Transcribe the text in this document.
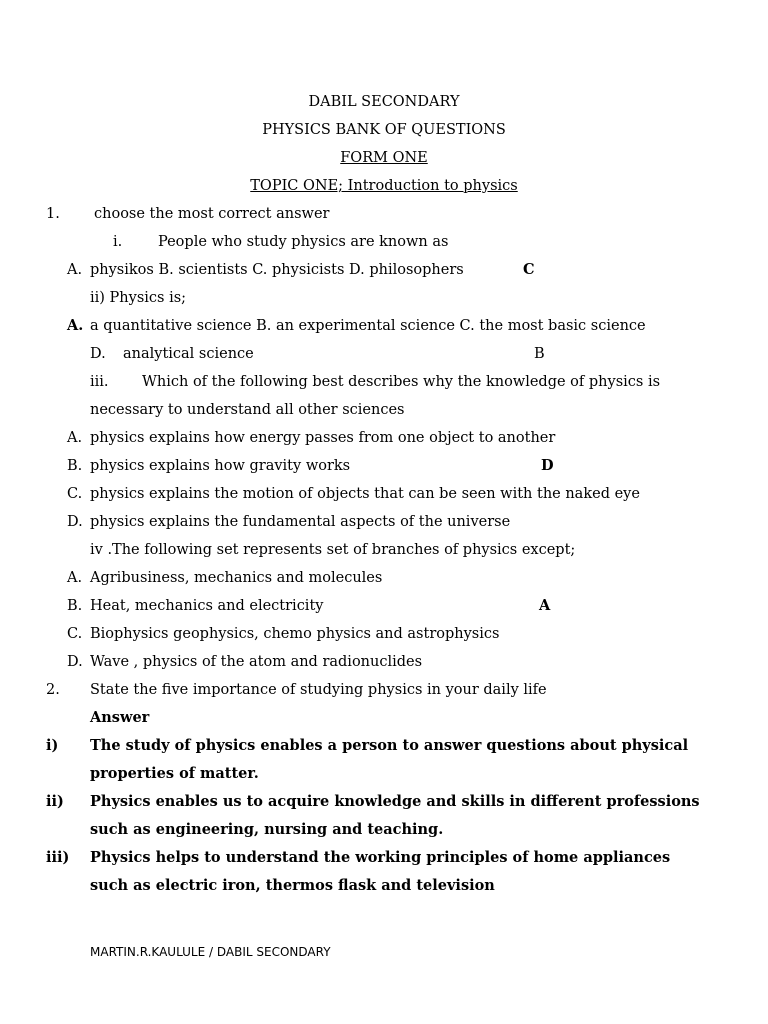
DABIL SECONDARY
PHYSICS BANK OF QUESTIONS
FORM ONE
TOPIC ONE; Introduction to physics
1. choose the most correct answer
i. People who study physics are known as
A. physikos B. scientists C. physicists D. philosophers	C
ii) Physics is;
A. a quantitative science B. an experimental science C. the most basic science
D. analytical science	B
iii. Which of the following best describes why the knowledge of physics is
necessary to understand all other sciences
A. physics explains how energy passes from one object to another
B. physics explains how gravity works	D
C. physics explains the motion of objects that can be seen with the naked eye
D. physics explains the fundamental aspects of the universe
iv .The following set represents set of branches of physics except;
A. Agribusiness, mechanics and molecules
B. Heat, mechanics and electricity	A
C. Biophysics geophysics, chemo physics and astrophysics
D. Wave , physics of the atom and radionuclides
2. State the five importance of studying physics in your daily life
Answer
i) The study of physics enables a person to answer questions about physical
properties of matter.
ii) Physics enables us to acquire knowledge and skills in different professions
such as engineering, nursing and teaching.
iii) Physics helps to understand the working principles of home appliances
such as electric iron, thermos flask and television
MARTIN.R.KAULULE / DABIL SECONDARY
